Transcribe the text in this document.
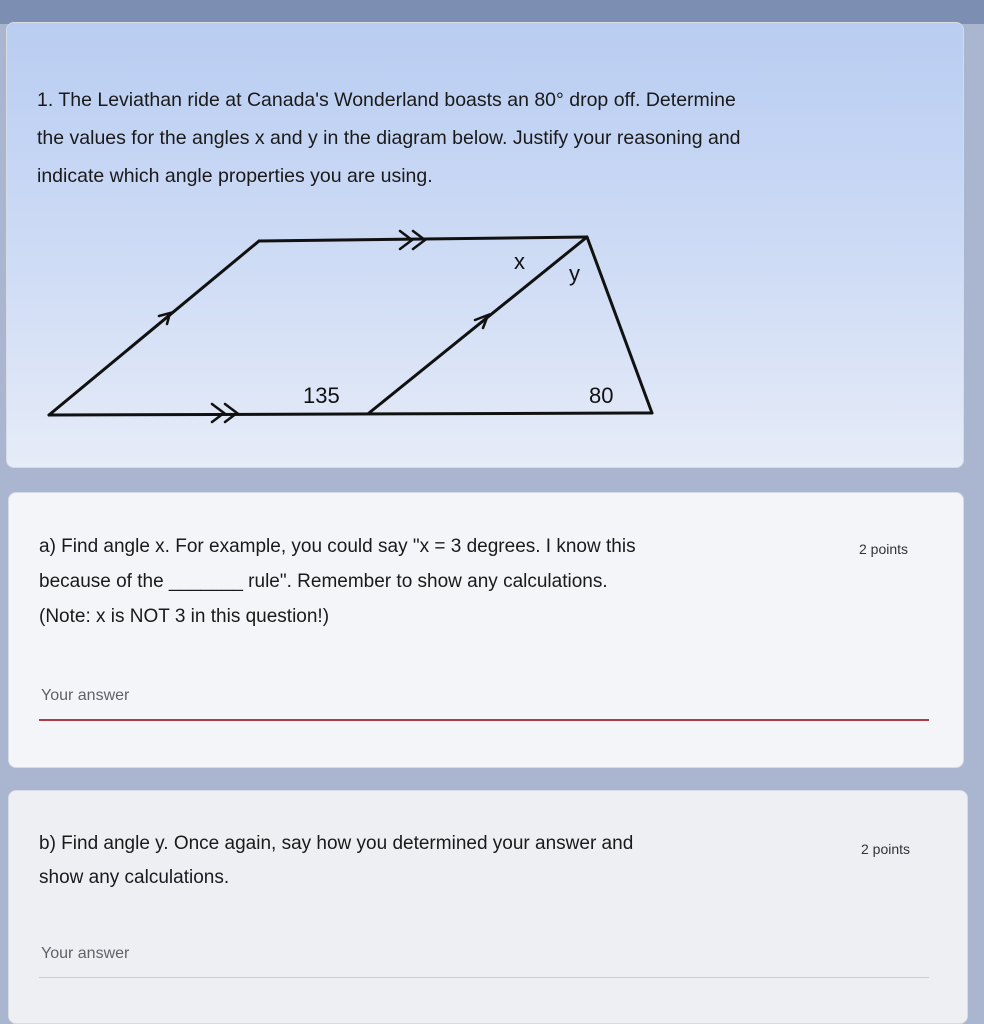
1. The Leviathan ride at Canada's Wonderland boasts an 80° drop off. Determine
the values for the angles x and y in the diagram below. Justify your reasoning and
indicate which angle properties you are using.
x y
135	80
a) Find angle x. For example, you could say "x = 3 degrees. I know this
because of the _______ rule". Remember to show any calculations.
(Note: x is NOT 3 in this question!)
2 points
Your answer
b) Find angle y. Once again, say how you determined your answer and
show any calculations.
2 points
Your answer
